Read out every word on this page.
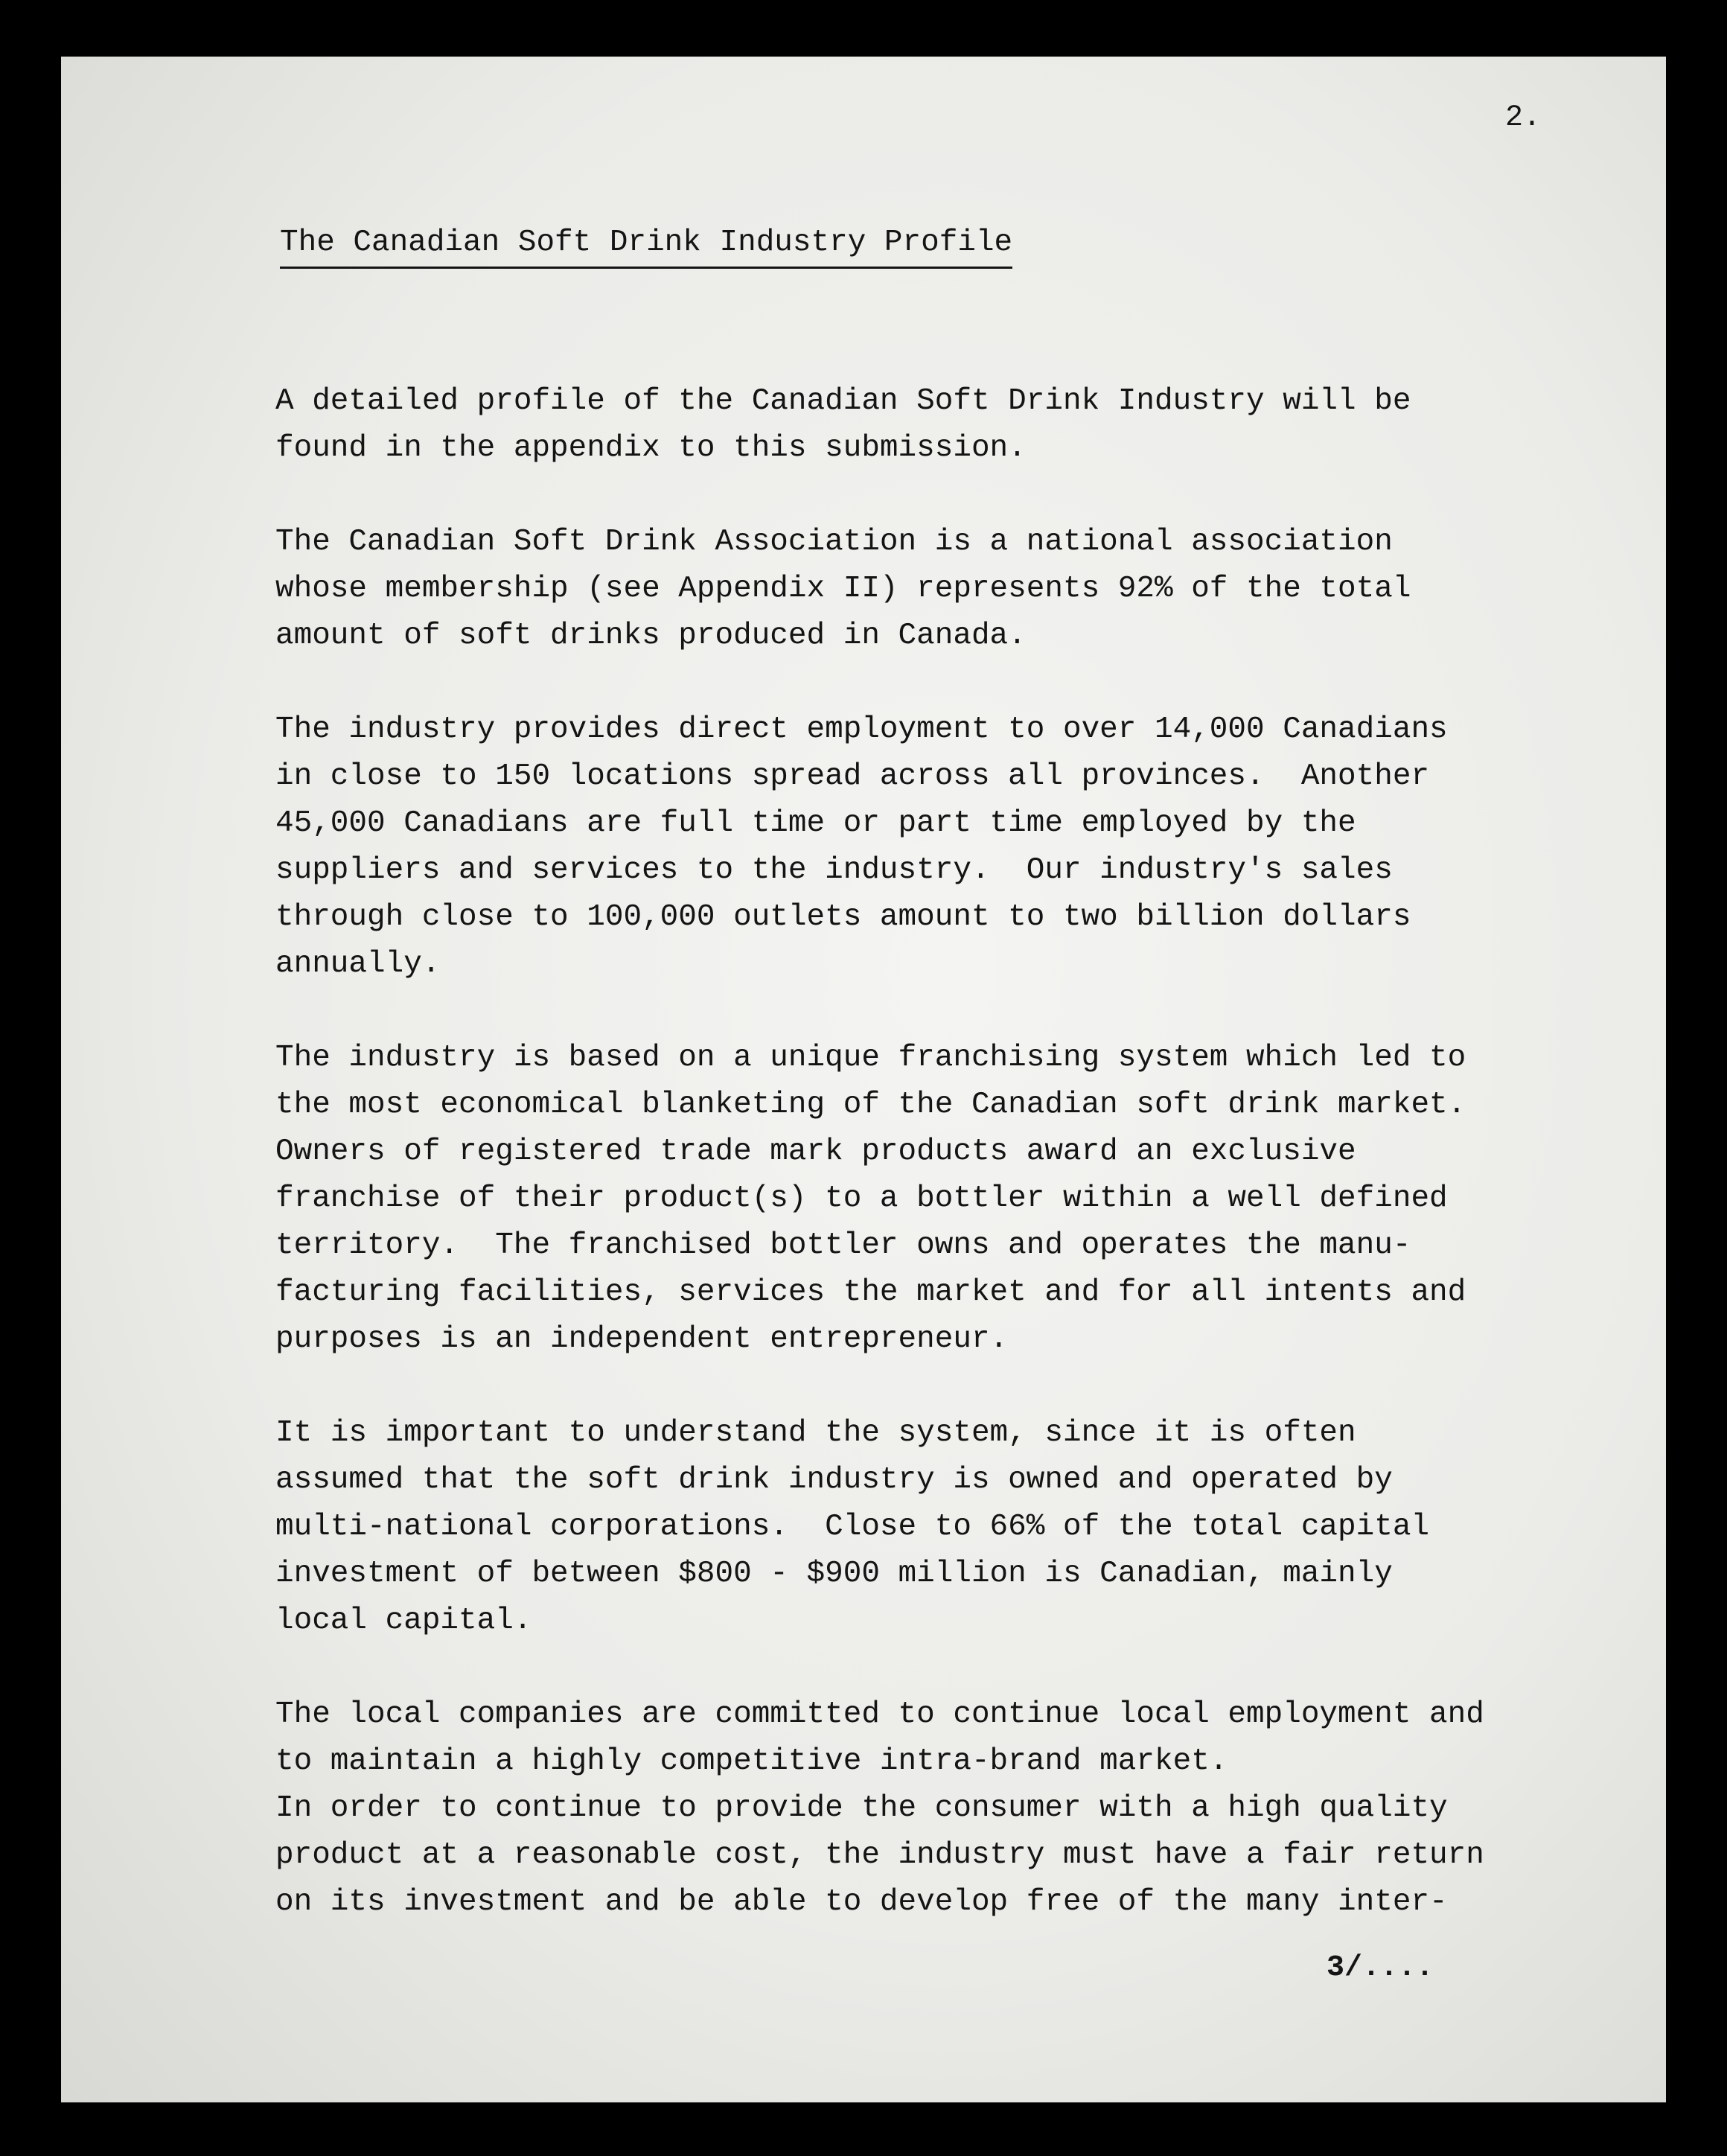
2.
The Canadian Soft Drink Industry Profile
A detailed profile of the Canadian Soft Drink Industry will be
found in the appendix to this submission.
The Canadian Soft Drink Association is a national association
whose membership (see Appendix II) represents 92% of the total
amount of soft drinks produced in Canada.
The industry provides direct employment to over 14,000 Canadians
in close to 150 locations spread across all provinces.  Another
45,000 Canadians are full time or part time employed by the
suppliers and services to the industry.  Our industry's sales
through close to 100,000 outlets amount to two billion dollars
annually.
The industry is based on a unique franchising system which led to
the most economical blanketing of the Canadian soft drink market.
Owners of registered trade mark products award an exclusive
franchise of their product(s) to a bottler within a well defined
territory.  The franchised bottler owns and operates the manu-
facturing facilities, services the market and for all intents and
purposes is an independent entrepreneur.
It is important to understand the system, since it is often
assumed that the soft drink industry is owned and operated by
multi-national corporations.  Close to 66% of the total capital
investment of between $800 - $900 million is Canadian, mainly
local capital.
The local companies are committed to continue local employment and
to maintain a highly competitive intra-brand market.
In order to continue to provide the consumer with a high quality
product at a reasonable cost, the industry must have a fair return
on its investment and be able to develop free of the many inter-
3/....
